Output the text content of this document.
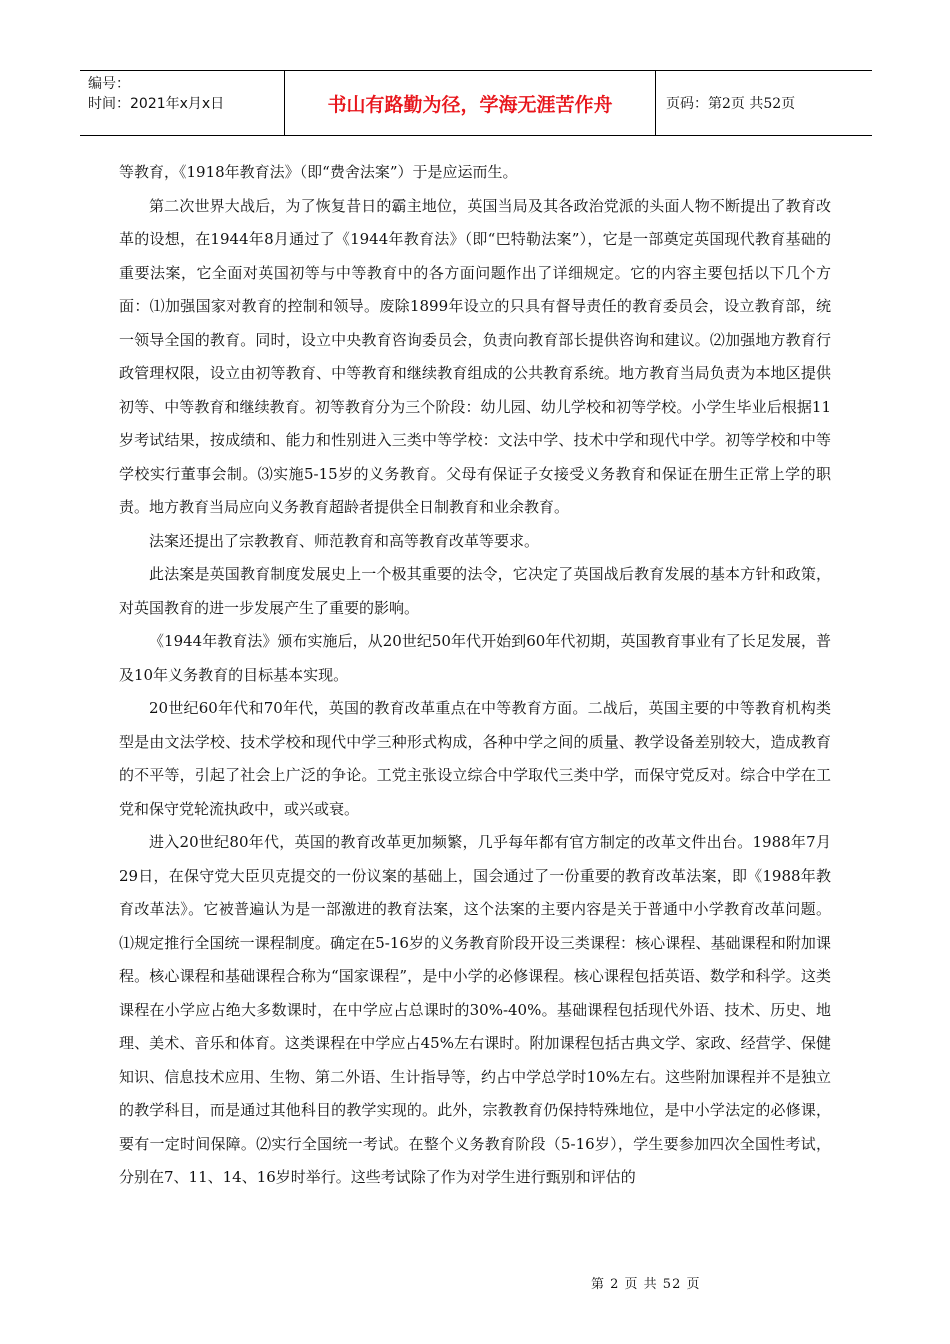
编号：
时间：2021年x月x日	书山有路勤为径，学海无涯苦作舟	页码：第2页 共52页

等教育，《1918年教育法》（即“费舍法案”）于是应运而生。

第二次世界大战后，为了恢复昔日的霸主地位，英国当局及其各政治党派的头面人物不断提出了教育改革的设想，在1944年8月通过了《1944年教育法》（即“巴特勒法案”），它是一部奠定英国现代教育基础的重要法案，它全面对英国初等与中等教育中的各方面问题作出了详细规定。它的内容主要包括以下几个方面：⑴加强国家对教育的控制和领导。废除1899年设立的只具有督导责任的教育委员会，设立教育部，统一领导全国的教育。同时，设立中央教育咨询委员会，负责向教育部长提供咨询和建议。⑵加强地方教育行政管理权限，设立由初等教育、中等教育和继续教育组成的公共教育系统。地方教育当局负责为本地区提供初等、中等教育和继续教育。初等教育分为三个阶段：幼儿园、幼儿学校和初等学校。小学生毕业后根据11岁考试结果，按成绩和、能力和性别进入三类中等学校：文法中学、技术中学和现代中学。初等学校和中等学校实行董事会制。⑶实施5-15岁的义务教育。父母有保证子女接受义务教育和保证在册生正常上学的职责。地方教育当局应向义务教育超龄者提供全日制教育和业余教育。

法案还提出了宗教教育、师范教育和高等教育改革等要求。

此法案是英国教育制度发展史上一个极其重要的法令，它决定了英国战后教育发展的基本方针和政策，对英国教育的进一步发展产生了重要的影响。

《1944年教育法》颁布实施后，从20世纪50年代开始到60年代初期，英国教育事业有了长足发展，普及10年义务教育的目标基本实现。

20世纪60年代和70年代，英国的教育改革重点在中等教育方面。二战后，英国主要的中等教育机构类型是由文法学校、技术学校和现代中学三种形式构成，各种中学之间的质量、教学设备差别较大，造成教育的不平等，引起了社会上广泛的争论。工党主张设立综合中学取代三类中学，而保守党反对。综合中学在工党和保守党轮流执政中，或兴或衰。

进入20世纪80年代，英国的教育改革更加频繁，几乎每年都有官方制定的改革文件出台。1988年7月29日，在保守党大臣贝克提交的一份议案的基础上，国会通过了一份重要的教育改革法案，即《1988年教育改革法》。它被普遍认为是一部激进的教育法案，这个法案的主要内容是关于普通中小学教育改革问题。⑴规定推行全国统一课程制度。确定在5-16岁的义务教育阶段开设三类课程：核心课程、基础课程和附加课程。核心课程和基础课程合称为“国家课程”，是中小学的必修课程。核心课程包括英语、数学和科学。这类课程在小学应占绝大多数课时，在中学应占总课时的30%-40%。基础课程包括现代外语、技术、历史、地理、美术、音乐和体育。这类课程在中学应占45%左右课时。附加课程包括古典文学、家政、经营学、保健知识、信息技术应用、生物、第二外语、生计指导等，约占中学总学时10%左右。这些附加课程并不是独立的教学科目，而是通过其他科目的教学实现的。此外，宗教教育仍保持特殊地位，是中小学法定的必修课，要有一定时间保障。⑵实行全国统一考试。在整个义务教育阶段（5-16岁），学生要参加四次全国性考试，分别在7、11、14、16岁时举行。这些考试除了作为对学生进行甄别和评估的

第 2 页 共 52 页
